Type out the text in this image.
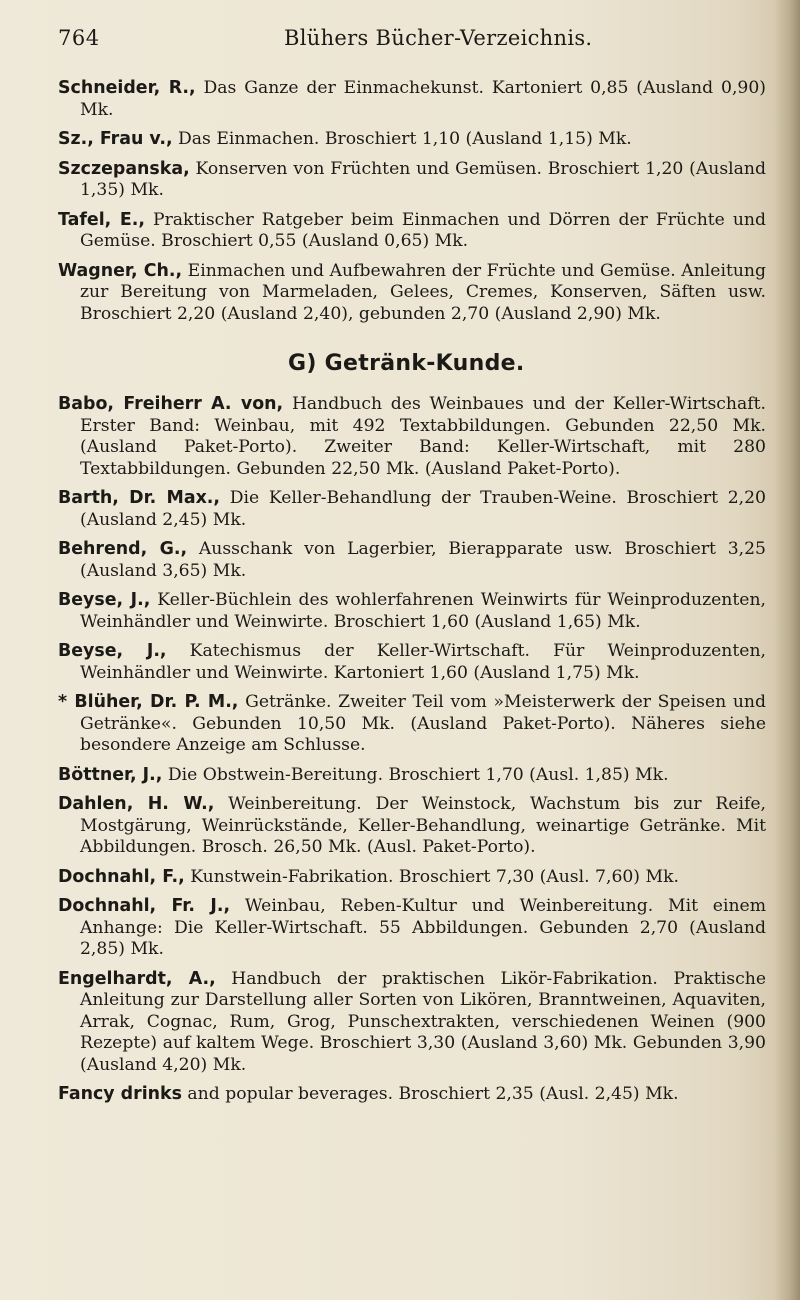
764	Blühers Bücher-Verzeichnis.

Schneider, R., Das Ganze der Einmachekunst. Kartoniert 0,85 (Ausland 0,90) Mk.

Sz., Frau v., Das Einmachen. Broschiert 1,10 (Ausland 1,15) Mk.

Szczepanska, Konserven von Früchten und Gemüsen. Broschiert 1,20 (Ausland 1,35) Mk.

Tafel, E., Praktischer Ratgeber beim Einmachen und Dörren der Früchte und Gemüse. Broschiert 0,55 (Ausland 0,65) Mk.

Wagner, Ch., Einmachen und Aufbewahren der Früchte und Gemüse. Anleitung zur Bereitung von Marmeladen, Gelees, Cremes, Konserven, Säften usw. Broschiert 2,20 (Ausland 2,40), gebunden 2,70 (Ausland 2,90) Mk.

G) Getränk-Kunde.

Babo, Freiherr A. von, Handbuch des Weinbaues und der Keller-Wirtschaft. Erster Band: Weinbau, mit 492 Textabbildungen. Gebunden 22,50 Mk. (Ausland Paket-Porto). Zweiter Band: Keller-Wirtschaft, mit 280 Textabbildungen. Gebunden 22,50 Mk. (Ausland Paket-Porto).

Barth, Dr. Max., Die Keller-Behandlung der Trauben-Weine. Broschiert 2,20 (Ausland 2,45) Mk.

Behrend, G., Ausschank von Lagerbier, Bierapparate usw. Broschiert 3,25 (Ausland 3,65) Mk.

Beyse, J., Keller-Büchlein des wohlerfahrenen Weinwirts für Weinproduzenten, Weinhändler und Weinwirte. Broschiert 1,60 (Ausland 1,65) Mk.

Beyse, J., Katechismus der Keller-Wirtschaft. Für Weinproduzenten, Weinhändler und Weinwirte. Kartoniert 1,60 (Ausland 1,75) Mk.

* Blüher, Dr. P. M., Getränke. Zweiter Teil vom »Meisterwerk der Speisen und Getränke«. Gebunden 10,50 Mk. (Ausland Paket-Porto). Näheres siehe besondere Anzeige am Schlusse.

Böttner, J., Die Obstwein-Bereitung. Broschiert 1,70 (Ausl. 1,85) Mk.

Dahlen, H. W., Weinbereitung. Der Weinstock, Wachstum bis zur Reife, Mostgärung, Weinrückstände, Keller-Behandlung, weinartige Getränke. Mit Abbildungen. Brosch. 26,50 Mk. (Ausl. Paket-Porto).

Dochnahl, F., Kunstwein-Fabrikation. Broschiert 7,30 (Ausl. 7,60) Mk.

Dochnahl, Fr. J., Weinbau, Reben-Kultur und Weinbereitung. Mit einem Anhange: Die Keller-Wirtschaft. 55 Abbildungen. Gebunden 2,70 (Ausland 2,85) Mk.

Engelhardt, A., Handbuch der praktischen Likör-Fabrikation. Praktische Anleitung zur Darstellung aller Sorten von Likören, Branntweinen, Aquaviten, Arrak, Cognac, Rum, Grog, Punschextrakten, verschiedenen Weinen (900 Rezepte) auf kaltem Wege. Broschiert 3,30 (Ausland 3,60) Mk. Gebunden 3,90 (Ausland 4,20) Mk.

Fancy drinks and popular beverages. Broschiert 2,35 (Ausl. 2,45) Mk.
